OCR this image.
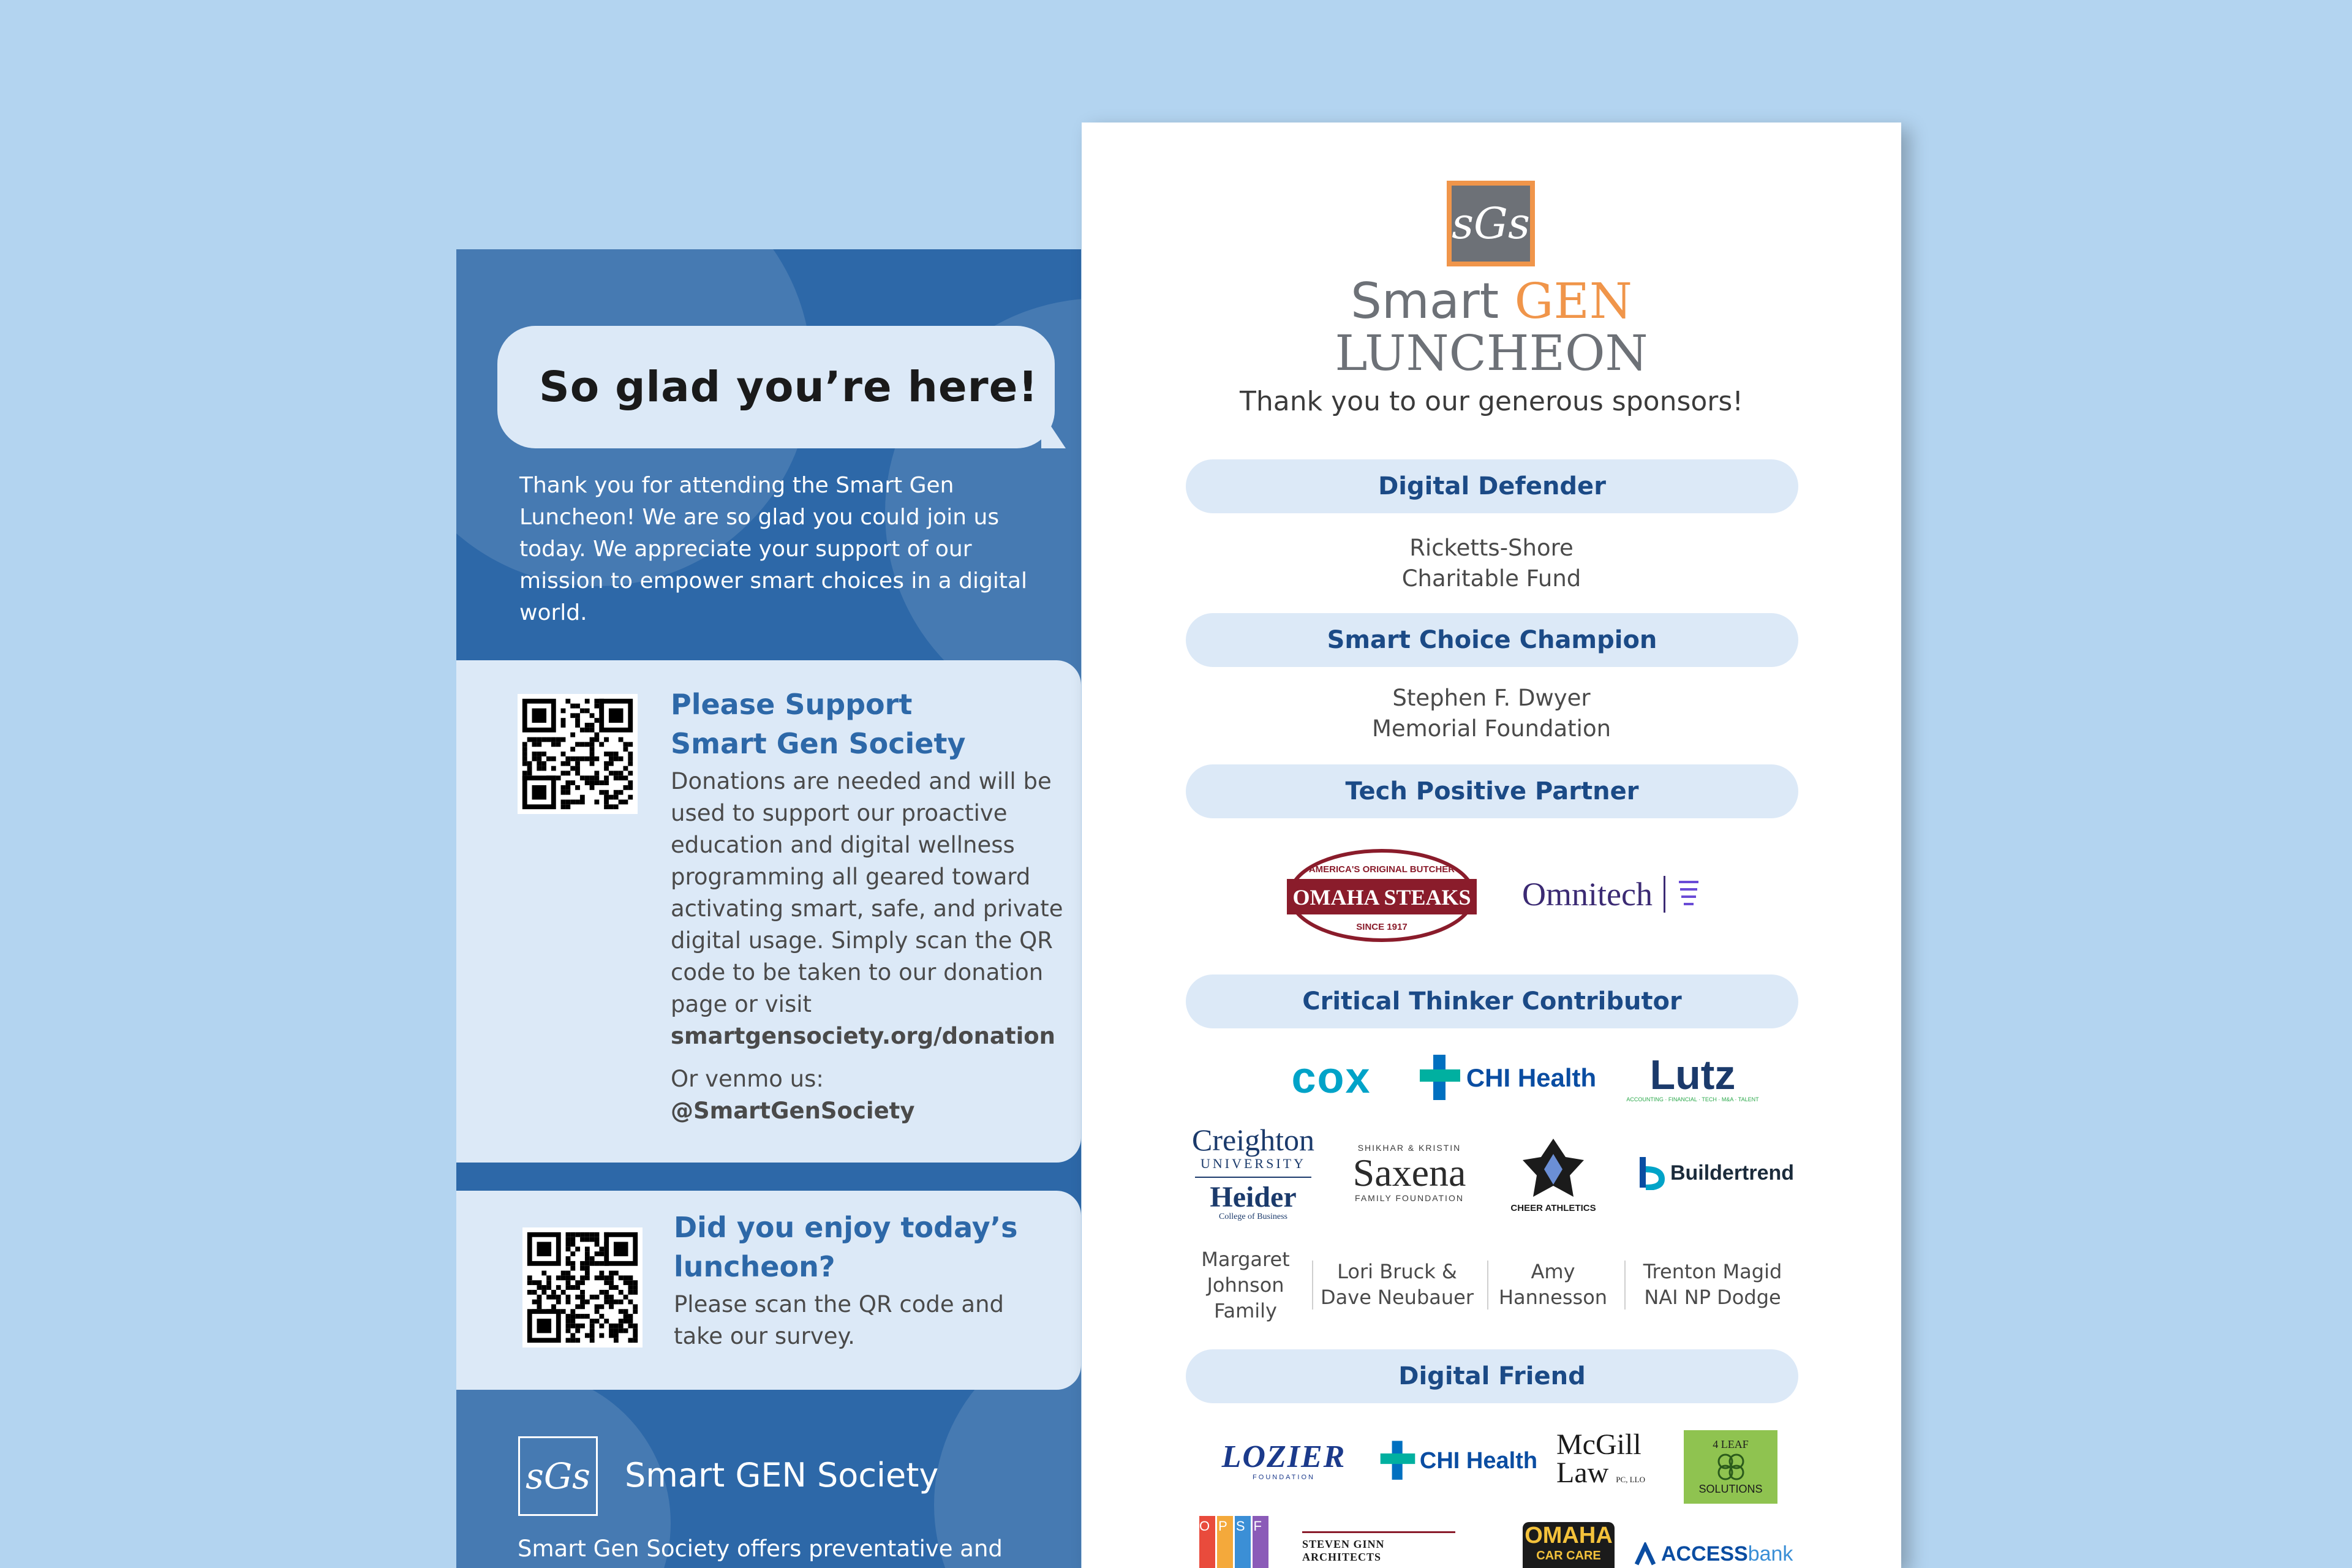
So glad you’re here!
Thank you for attending the Smart Gen Luncheon! We are so glad you could join us today. We appreciate your support of our mission to empower smart choices in a digital world.
Please Support
Smart Gen Society
Donations are needed and will be used to support our proactive education and digital wellness programming all geared toward activating smart, safe, and private digital usage. Simply scan the QR code to be taken to our donation page or visit
smartgensociety.org/donation
Or venmo us:
@SmartGenSociety
Did you enjoy today’s luncheon?
Please scan the QR code and take our survey.
sGs Smart GEN Society
Smart Gen Society offers preventative and
sGs
Smart GEN
LUNCHEON
Thank you to our generous sponsors!
Digital Defender
Ricketts-Shore
Charitable Fund
Smart Choice Champion
Stephen F. Dwyer
Memorial Foundation
Tech Positive Partner
AMERICA'S ORIGINAL BUTCHER
OMAHA STEAKS
SINCE 1917
Omnitech
Critical Thinker Contributor
cox	CHI Health Lutz
ACCOUNTING · FINANCIAL · TECH · M&A · TALENT
Creighton
UNIVERSITY
Heider
College of Business
SHIKHAR & KRISTIN
Saxena
FAMILY FOUNDATION
CHEER ATHLETICS
Buildertrend
Margaret
Johnson
Family
Lori Bruck &
Dave Neubauer
Amy
Hannesson
Trenton Magid
NAI NP Dodge
Digital Friend
LOZIER
FOUNDATION
CHI Health McGill
Law PC, LLO
4 LEAF
SOLUTIONS
OPSF
STEVEN GINN ARCHITECTS
OMAHA
CAR CARE	ACCESS bank
